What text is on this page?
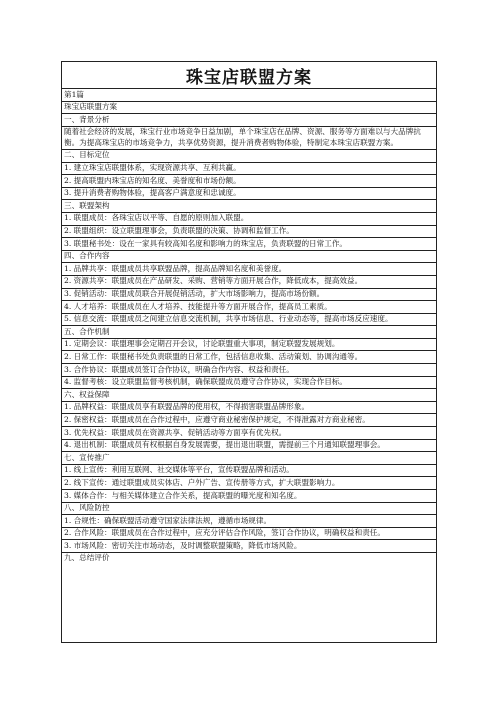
珠宝店联盟方案
第1篇
珠宝店联盟方案
一、背景分析
随着社会经济的发展，珠宝行业市场竞争日益加剧，单个珠宝店在品牌、资源、服务等方面难以与大品牌抗衡。为提高珠宝店的市场竞争力，共享优势资源，提升消费者购物体验，特制定本珠宝店联盟方案。
二、目标定位
1. 建立珠宝店联盟体系，实现资源共享、互利共赢。
2. 提高联盟内珠宝店的知名度、美誉度和市场份额。
3. 提升消费者购物体验，提高客户满意度和忠诚度。
三、联盟架构
1. 联盟成员：各珠宝店以平等、自愿的原则加入联盟。
2. 联盟组织：设立联盟理事会，负责联盟的决策、协调和监督工作。
3. 联盟秘书处：设在一家具有较高知名度和影响力的珠宝店，负责联盟的日常工作。
四、合作内容
1. 品牌共享：联盟成员共享联盟品牌，提高品牌知名度和美誉度。
2. 资源共享：联盟成员在产品研发、采购、营销等方面开展合作，降低成本，提高效益。
3. 促销活动：联盟成员联合开展促销活动，扩大市场影响力，提高市场份额。
4. 人才培养：联盟成员在人才培养、技能提升等方面开展合作，提高员工素质。
5. 信息交流：联盟成员之间建立信息交流机制，共享市场信息、行业动态等，提高市场反应速度。
五、合作机制
1. 定期会议：联盟理事会定期召开会议，讨论联盟重大事项，制定联盟发展规划。
2. 日常工作：联盟秘书处负责联盟的日常工作，包括信息收集、活动策划、协调沟通等。
3. 合作协议：联盟成员签订合作协议，明确合作内容、权益和责任。
4. 监督考核：设立联盟监督考核机制，确保联盟成员遵守合作协议，实现合作目标。
六、权益保障
1. 品牌权益：联盟成员享有联盟品牌的使用权，不得损害联盟品牌形象。
2. 保密权益：联盟成员在合作过程中，应遵守商业秘密保护规定，不得泄露对方商业秘密。
3. 优先权益：联盟成员在资源共享、促销活动等方面享有优先权。
4. 退出机制：联盟成员有权根据自身发展需要，提出退出联盟，需提前三个月通知联盟理事会。
七、宣传推广
1. 线上宣传：利用互联网、社交媒体等平台，宣传联盟品牌和活动。
2. 线下宣传：通过联盟成员实体店、户外广告、宣传册等方式，扩大联盟影响力。
3. 媒体合作：与相关媒体建立合作关系，提高联盟的曝光度和知名度。
八、风险防控
1. 合规性：确保联盟活动遵守国家法律法规，遵循市场规律。
2. 合作风险：联盟成员在合作过程中，应充分评估合作风险，签订合作协议，明确权益和责任。
3. 市场风险：密切关注市场动态，及时调整联盟策略，降低市场风险。
九、总结评价
